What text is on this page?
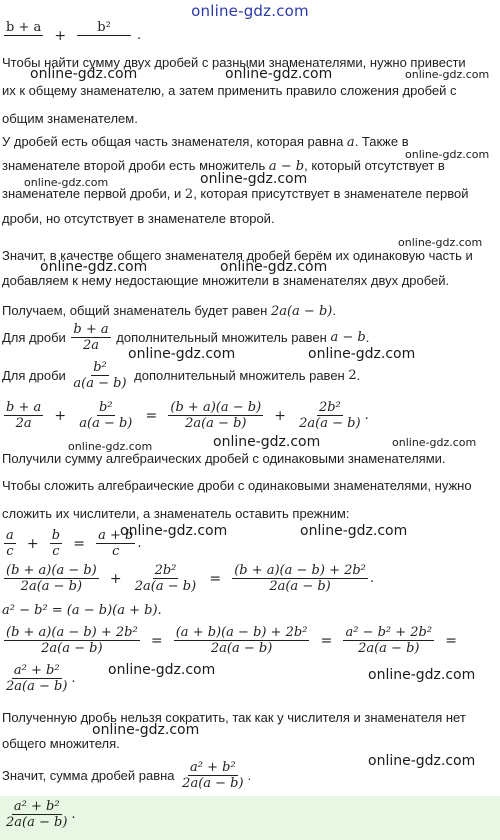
online-gdz.com
b + a
+	b²

.
Чтобы найти сумму двух дробей с разными знаменателями, нужно привести
их к общему знаменателю, а затем применить правило сложения дробей с
общим знаменателем.
У дробей есть общая часть знаменателя, которая равна a. Также в
знаменателе второй дроби есть множитель a − b, который отсутствует в
знаменателе первой дроби, и 2, которая присутствует в знаменателе первой
дроби, но отсутствует в знаменателе второй.
Значит, в качестве общего знаменателя дробей берём их одинаковую часть и
добавляем к нему недостающие множители в знаменателях двух дробей.
Получаем, общий знаменатель будет равен 2a(a − b).
Для дроби $\frac{b + a}{2a}$ дополнительный множитель равен a − b.
Для дроби $\frac{\text{b²}}{a(a - b)}$ дополнительный множитель равен 2.
$\frac{b + a}{2a} + \frac{\text{b²}}{a(a - b)} = \frac{(b + a)(a - b)}{2a(a - b)} + \frac{\text{2b²}}{2a(a - b)}$ .
Получили сумму алгебраических дробей с одинаковыми знаменателями.
Чтобы сложить алгебраические дроби с одинаковыми знаменателями, нужно
сложить их числители, а знаменатель оставить прежним:
$\frac{a}{c} + \frac{b}{c} = \frac{a + b}{c}$ .
$\frac{(b + a)(a - b)}{2a(a - b)} + \frac{\text{2b²}}{2a(a - b)} = \frac{\text{(b + a)(a − b) + 2b²}}{2a(a - b)}$ .
a² − b² = (a − b)(a + b).
$\frac{\text{(b + a)(a − b) + 2b²}}{2a(a - b)} = \frac{\text{(a + b)(a − b) + 2b²}}{2a(a - b)} = \frac{\text{a² − b² + 2b²}}{2a(a - b)}$ =
$\frac{\text{a² + b²}}{2a(a - b)}$ .
Полученную дробь нельзя сократить, так как у числителя и знаменателя нет
общего множителя.
Значит, сумма дробей равна $\frac{\text{a² + b²}}{2a(a - b)}$ .
$\frac{\text{a² + b²}}{2a(a - b)}$ .
online-gdz.com	online-gdz.com	online-gdz.com
online-gdz.com
online-gdz.com	online-gdz.com
online-gdz.com
online-gdz.com	online-gdz.com
online-gdz.com	online-gdz.com
online-gdz.com
online-gdz.com	online-gdz.com
online-gdz.com	online-gdz.com
online-gdz.com	online-gdz.com
online-gdz.com
online-gdz.com
